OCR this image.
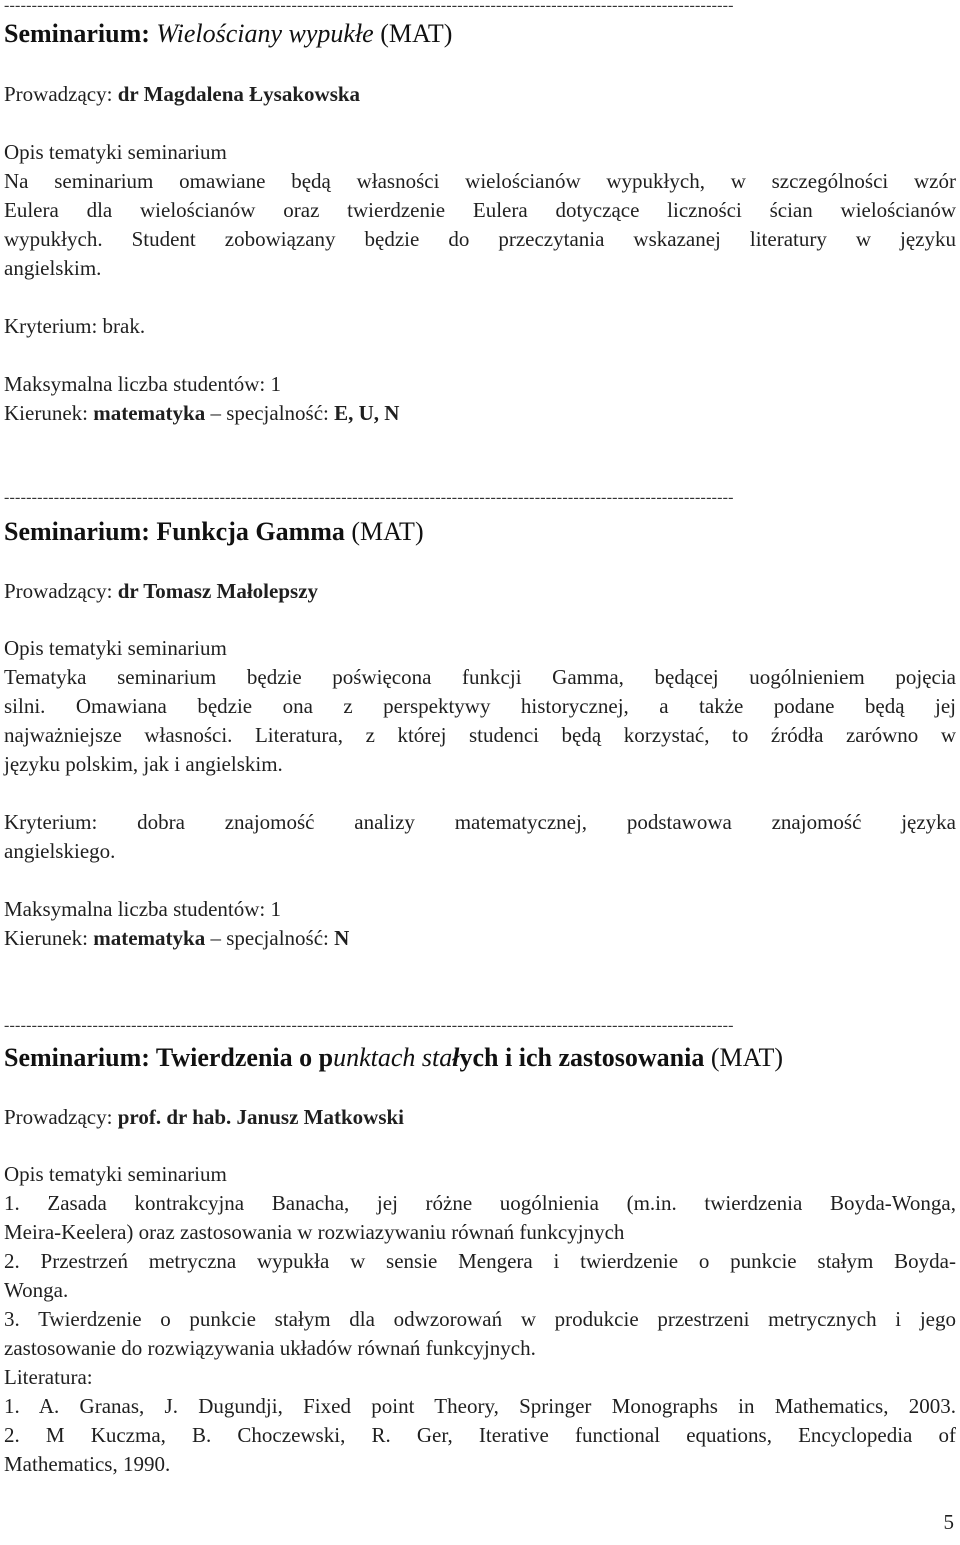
------------------------------------------------------------------------------------------------------------------------------------
Seminarium: Wielościany wypukłe (MAT)
Prowadzący: dr Magdalena Łysakowska
Opis tematyki seminarium
Na seminarium omawiane będą własności wielościanów wypukłych, w szczególności wzór
Eulera dla wielościanów oraz twierdzenie Eulera dotyczące liczności ścian wielościanów
wypukłych. Student zobowiązany będzie do przeczytania wskazanej literatury w języku
angielskim.
Kryterium: brak.
Maksymalna liczba studentów: 1
Kierunek: matematyka – specjalność: E, U, N
------------------------------------------------------------------------------------------------------------------------------------
Seminarium: Funkcja Gamma (MAT)
Prowadzący: dr Tomasz Małolepszy
Opis tematyki seminarium
Tematyka seminarium będzie poświęcona funkcji Gamma, będącej uogólnieniem pojęcia
silni. Omawiana będzie ona z perspektywy historycznej, a także podane będą jej
najważniejsze własności. Literatura, z której studenci będą korzystać, to źródła zarówno w
języku polskim, jak i angielskim.
Kryterium: dobra znajomość analizy matematycznej, podstawowa znajomość języka
angielskiego.
Maksymalna liczba studentów: 1
Kierunek: matematyka – specjalność: N
------------------------------------------------------------------------------------------------------------------------------------
Seminarium: Twierdzenia o punktach stałych i ich zastosowania (MAT)
Prowadzący: prof. dr hab. Janusz Matkowski
Opis tematyki seminarium
1. Zasada kontrakcyjna Banacha, jej różne uogólnienia (m.in. twierdzenia Boyda-Wonga,
Meira-Keelera) oraz zastosowania w rozwiazywaniu równań funkcyjnych
2. Przestrzeń metryczna wypukła w sensie Mengera i twierdzenie o punkcie stałym Boyda-
Wonga.
3. Twierdzenie o punkcie stałym dla odwzorowań w produkcie przestrzeni metrycznych i jego
zastosowanie do rozwiązywania układów równań funkcyjnych.
Literatura:
1. A. Granas, J. Dugundji, Fixed point Theory, Springer Monographs in Mathematics, 2003.
2. M Kuczma, B. Choczewski, R. Ger, Iterative functional equations, Encyclopedia of
Mathematics, 1990.
5
